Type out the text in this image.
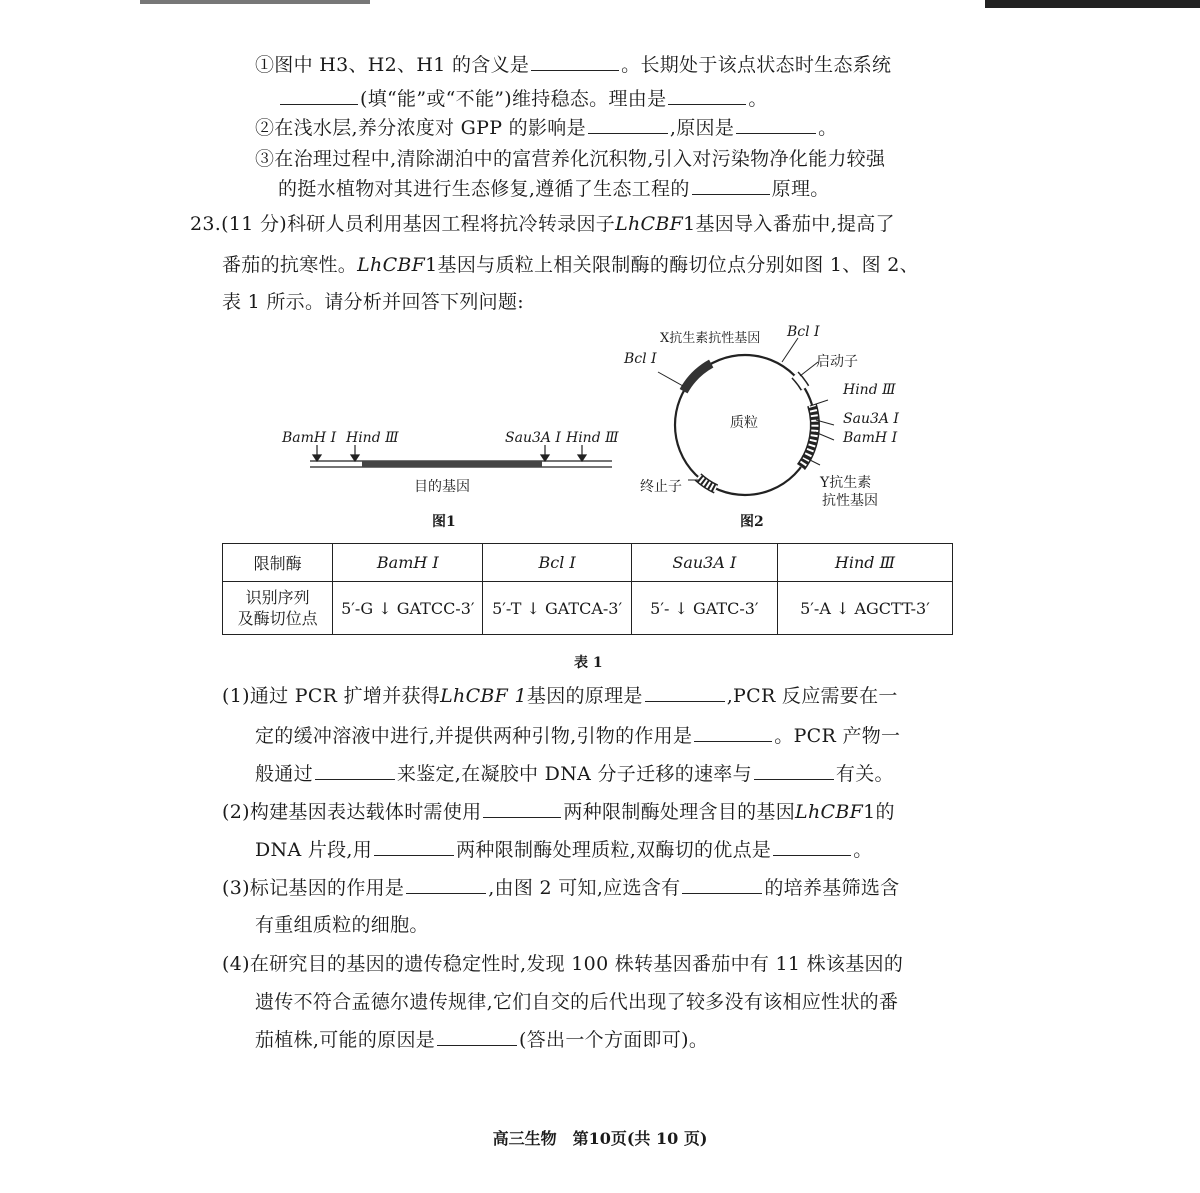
①图中 H3、H2、H1 的含义是	。长期处于该点状态时生态系统
(填“能”或“不能”)维持稳态。理由是	。
②在浅水层,养分浓度对 GPP 的影响是	,原因是	。
③在治理过程中,清除湖泊中的富营养化沉积物,引入对污染物净化能力较强
的挺水植物对其进行生态修复,遵循了生态工程的	原理。
23.(11 分)科研人员利用基因工程将抗冷转录因子LhCBF1基因导入番茄中,提高了
番茄的抗寒性。LhCBF1基因与质粒上相关限制酶的酶切位点分别如图 1、图 2、
表 1 所示。请分析并回答下列问题:
BamH Ⅰ Hind Ⅲ	Sau3A Ⅰ Hind Ⅲ
目的基因
图1
X抗生素抗性基因
Bcl Ⅰ
Bcl Ⅰ
启动子
Hind Ⅲ
质粒	Sau3A Ⅰ
BamH Ⅰ
终止子	Y抗生素
抗性基因
图2
限制酶	BamH Ⅰ	Bcl Ⅰ	Sau3A Ⅰ	Hind Ⅲ

识别序列
及酶切位点	5′-G ↓ GATCC-3′	5′-T ↓ GATCA-3′	5′- ↓ GATC-3′	5′-A ↓ AGCTT-3′
表 1
(1)通过 PCR 扩增并获得LhCBF 1基因的原理是	,PCR 反应需要在一
定的缓冲溶液中进行,并提供两种引物,引物的作用是	。PCR 产物一
般通过	来鉴定,在凝胶中 DNA 分子迁移的速率与	有关。
(2)构建基因表达载体时需使用	两种限制酶处理含目的基因LhCBF1的
DNA 片段,用	两种限制酶处理质粒,双酶切的优点是	。
(3)标记基因的作用是	,由图 2 可知,应选含有	的培养基筛选含
有重组质粒的细胞。
(4)在研究目的基因的遗传稳定性时,发现 100 株转基因番茄中有 11 株该基因的
遗传不符合孟德尔遗传规律,它们自交的后代出现了较多没有该相应性状的番
茄植株,可能的原因是	(答出一个方面即可)。
高三生物　第10页(共 10 页)
